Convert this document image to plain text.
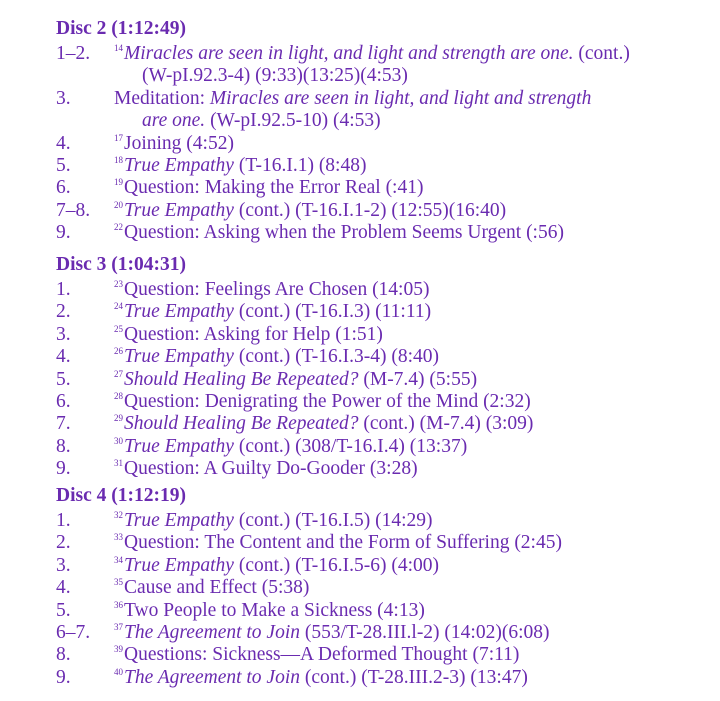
Disc 2 (1:12:49)
1–2.	$^{14}$Miracles are seen in light, and light and strength are one. (cont.)
(W-pI.92.3-4) (9:33)(13:25)(4:53)
3. Meditation: Miracles are seen in light, and light and strength
are one. (W-pI.92.5-10) (4:53)
4.	$^{17}$Joining (4:52)
5.	$^{18}$True Empathy (T-16.I.1) (8:48)
6.	$^{19}$Question: Making the Error Real (:41)
7–8.	$^{20}$True Empathy (cont.) (T-16.I.1-2) (12:55)(16:40)
9.	$^{22}$Question: Asking when the Problem Seems Urgent (:56)
Disc 3 (1:04:31)
1.	$^{23}$Question: Feelings Are Chosen (14:05)
2.	$^{24}$True Empathy (cont.) (T-16.I.3) (11:11)
3.	$^{25}$Question: Asking for Help (1:51)
4.	$^{26}$True Empathy (cont.) (T-16.I.3-4) (8:40)
5.	$^{27}$Should Healing Be Repeated? (M-7.4) (5:55)
6.	$^{28}$Question: Denigrating the Power of the Mind (2:32)
7.	$^{29}$Should Healing Be Repeated? (cont.) (M-7.4) (3:09)
8.	$^{30}$True Empathy (cont.) (308/T-16.I.4) (13:37)
9.	$^{31}$Question: A Guilty Do-Gooder (3:28)
Disc 4 (1:12:19)
1.	$^{32}$True Empathy (cont.) (T-16.I.5) (14:29)
2.	$^{33}$Question: The Content and the Form of Suffering (2:45)
3.	$^{34}$True Empathy (cont.) (T-16.I.5-6) (4:00)
4.	$^{35}$Cause and Effect (5:38)
5.	$^{36}$Two People to Make a Sickness (4:13)
6–7.	$^{37}$The Agreement to Join (553/T-28.III.l-2) (14:02)(6:08)
8.	$^{39}$Questions: Sickness—A Deformed Thought (7:11)
9.	$^{40}$The Agreement to Join (cont.) (T-28.III.2-3) (13:47)
